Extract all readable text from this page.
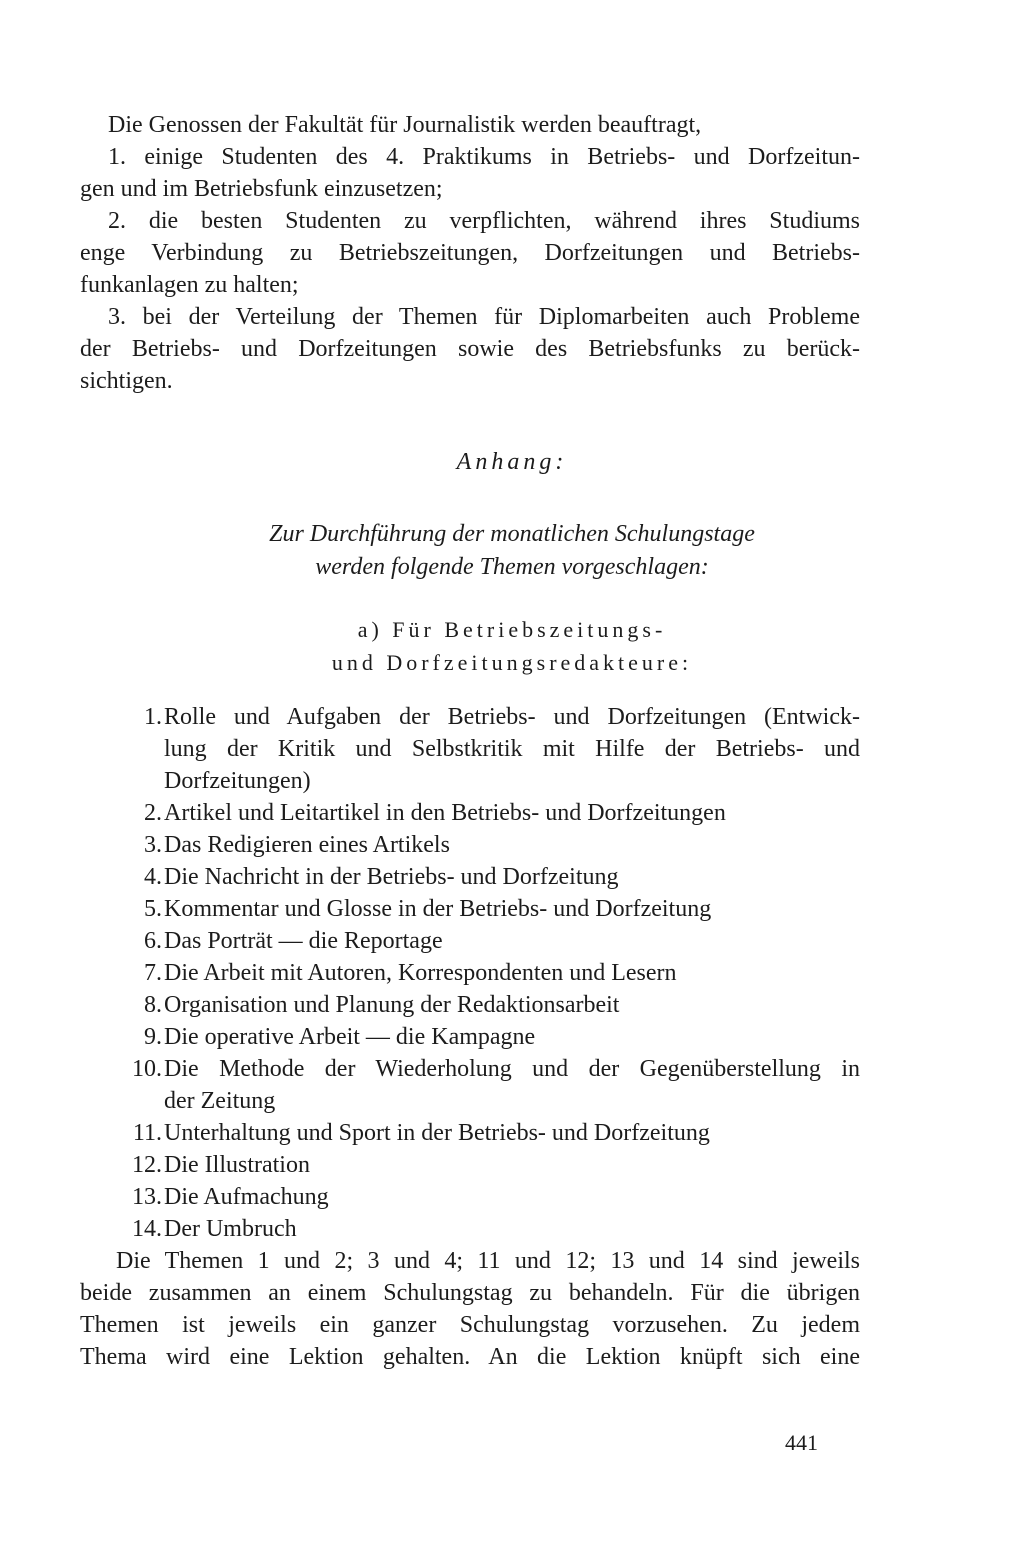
Die Genossen der Fakultät für Journalistik werden beauftragt,
1. einige Studenten des 4. Praktikums in Betriebs- und Dorfzeitun-
gen und im Betriebsfunk einzusetzen;
2. die besten Studenten zu verpflichten, während ihres Studiums
enge Verbindung zu Betriebszeitungen, Dorfzeitungen und Betriebs-
funkanlagen zu halten;
3. bei der Verteilung der Themen für Diplomarbeiten auch Probleme
der Betriebs- und Dorfzeitungen sowie des Betriebsfunks zu berück-
sichtigen.
Anhang:
Zur Durchführung der monatlichen Schulungstage
werden folgende Themen vorgeschlagen:
a) Für Betriebszeitungs-
und Dorfzeitungsredakteure:
1. Rolle und Aufgaben der Betriebs- und Dorfzeitungen (Entwick-
lung der Kritik und Selbstkritik mit Hilfe der Betriebs- und
Dorfzeitungen)
2. Artikel und Leitartikel in den Betriebs- und Dorfzeitungen
3. Das Redigieren eines Artikels
4. Die Nachricht in der Betriebs- und Dorfzeitung
5. Kommentar und Glosse in der Betriebs- und Dorfzeitung
6. Das Porträt — die Reportage
7. Die Arbeit mit Autoren, Korrespondenten und Lesern
8. Organisation und Planung der Redaktionsarbeit
9. Die operative Arbeit — die Kampagne
10. Die Methode der Wiederholung und der Gegenüberstellung in
der Zeitung
11. Unterhaltung und Sport in der Betriebs- und Dorfzeitung
12. Die Illustration
13. Die Aufmachung
14. Der Umbruch
Die Themen 1 und 2; 3 und 4; 11 und 12; 13 und 14 sind jeweils
beide zusammen an einem Schulungstag zu behandeln. Für die übrigen
Themen ist jeweils ein ganzer Schulungstag vorzusehen. Zu jedem
Thema wird eine Lektion gehalten. An die Lektion knüpft sich eine
441
